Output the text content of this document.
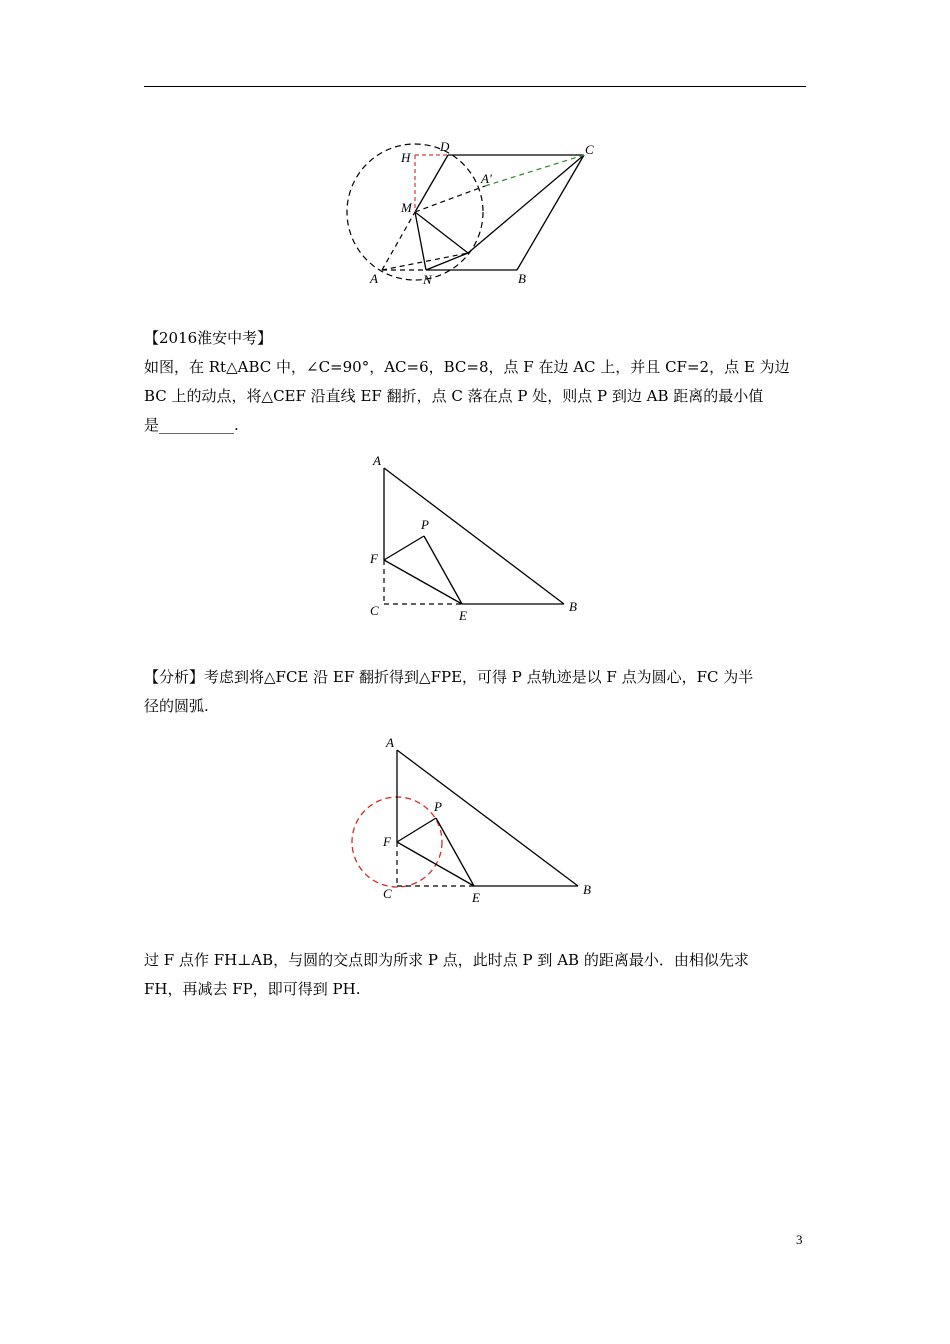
H
D	C
A'
M
A	N	B
【2016淮安中考】
如图，在 Rt△ABC 中，∠C=90°，AC=6，BC=8，点 F 在边 AC 上，并且 CF=2，点 E 为边
BC 上的动点，将△CEF 沿直线 EF 翻折，点 C 落在点 P 处，则点 P 到边 AB 距离的最小值
是__________.
A
P
F
C	E
B
【分析】考虑到将△FCE 沿 EF 翻折得到△FPE，可得 P 点轨迹是以 F 点为圆心，FC 为半
径的圆弧.
A
P
F
C	E
B
过 F 点作 FH⊥AB，与圆的交点即为所求 P 点，此时点 P 到 AB 的距离最小．由相似先求
FH，再减去 FP，即可得到 PH.
3
